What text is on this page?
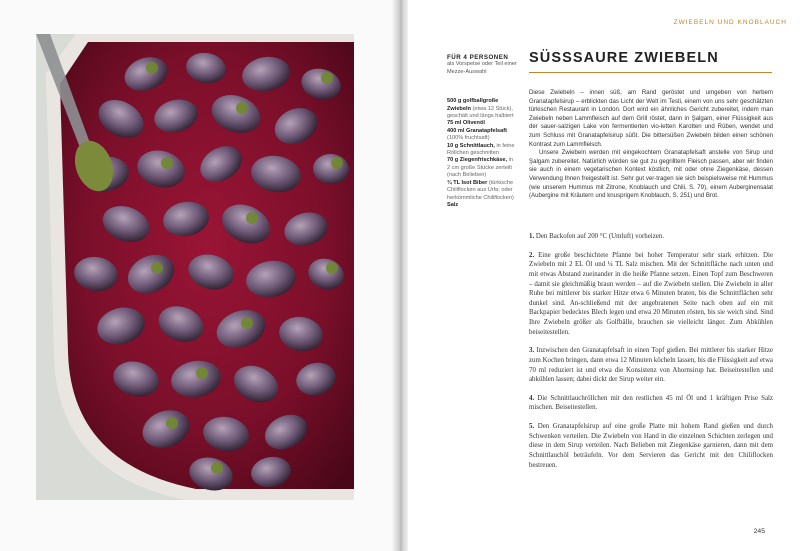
ZWIEBELN UND KNOBLAUCH
FÜR 4 PERSONEN
als Vorspeise oder Teil einer Mezze-Auswahl
500 g golfballgroße Zwiebeln (etwa 12 Stück), geschält und längs halbiert
75 ml Olivenöl
400 ml Granatapfelsaft (100% fruchtsaft)
10 g Schnittlauch, in feine Röllchen geschnitten
70 g Ziegenfrischkäse, in 2 cm große Stücke zerteilt (nach Belieben)
¾ TL Isot Biber (türkische Chiliflocken aus Urfa; oder herkömmliche Chiliflocken)
Salz
SÜSSSAURE ZWIEBELN

Diese Zwiebeln – innen süß, am Rand geröstet und umgeben von herbem Granatapfelsirup – erblickten das Licht der Welt im Testi, einem von uns sehr geschätzten türkischen Restaurant in London. Dort wird ein ähnliches Gericht zubereitet, indem man Zwiebeln neben Lammfleisch auf dem Grill röstet, dann in Şalgam, einer Flüssigkeit aus der sauer-salzigen Lake von fermentierten vio-letten Karotten und Rüben, wendet und zum Schluss mit Granatapfelsirup süßt. Die bittersüßen Zwiebeln bilden einen schönen Kontrast zum Lammfleisch.

Unsere Zwiebeln werden mit eingekochtem Granatapfelsaft anstelle von Sirup und Şalgam zubereitet. Natürlich würden sie gut zu gegrilltem Fleisch passen, aber wir finden sie auch in einem vegetarischen Kontext köstlich, mit oder ohne Ziegenkäse, dessen Verwendung Ihnen freigestellt ist. Sehr gut ver-tragen sie sich beispielsweise mit Hummus (wie unserem Hummus mit Zitrone, Knoblauch und Chili, S. 79), einem Auberginensalat (Aubergine mit Kräutern und knusprigem Knoblauch, S. 251) und Brot.

1. Den Backofen auf 200 °C (Umluft) vorheizen.

2. Eine große beschichtete Pfanne bei hoher Temperatur sehr stark erhitzen. Die Zwiebeln mit 2 EL Öl und ¼ TL Salz mischen. Mit der Schnittfläche nach unten und mit etwas Abstand zueinander in die heiße Pfanne setzen. Einen Topf zum Beschweren – damit sie gleichmäßig braun werden – auf die Zwiebeln stellen. Die Zwiebeln in aller Ruhe bei mittlerer bis starker Hitze etwa 6 Minuten braten, bis die Schnittflächen sehr dunkel sind. An-schließend mit der angebratenen Seite nach oben auf ein mit Backpapier bedecktes Blech legen und etwa 20 Minuten rösten, bis sie weich sind. Sind Ihre Zwiebeln größer als Golfbälle, brauchen sie vielleicht länger. Zum Abkühlen beiseitestellen.

3. Inzwischen den Granatapfelsaft in einen Topf gießen. Bei mittlerer bis starker Hitze zum Kochen bringen, dann etwa 12 Minuten köcheln lassen, bis die Flüssigkeit auf etwa 70 ml reduziert ist und etwa die Konsistenz von Ahornsirup hat. Beiseitestellen und abkühlen lassen; dabei dickt der Sirup weiter ein.

4. Die Schnittlauchröllchen mit den restlichen 45 ml Öl und 1 kräftigen Prise Salz mischen. Beiseitestellen.

5. Den Granatapfelsirup auf eine große Platte mit hohem Rand gießen und durch Schwenken verteilen. Die Zwiebeln von Hand in die einzelnen Schichten zerlegen und diese in dem Sirup verteilen. Nach Belieben mit Ziegenkäse garnieren, dann mit dem Schnittlauchöl beträufeln. Vor dem Servieren das Gericht mit den Chiliflocken bestreuen.

245
